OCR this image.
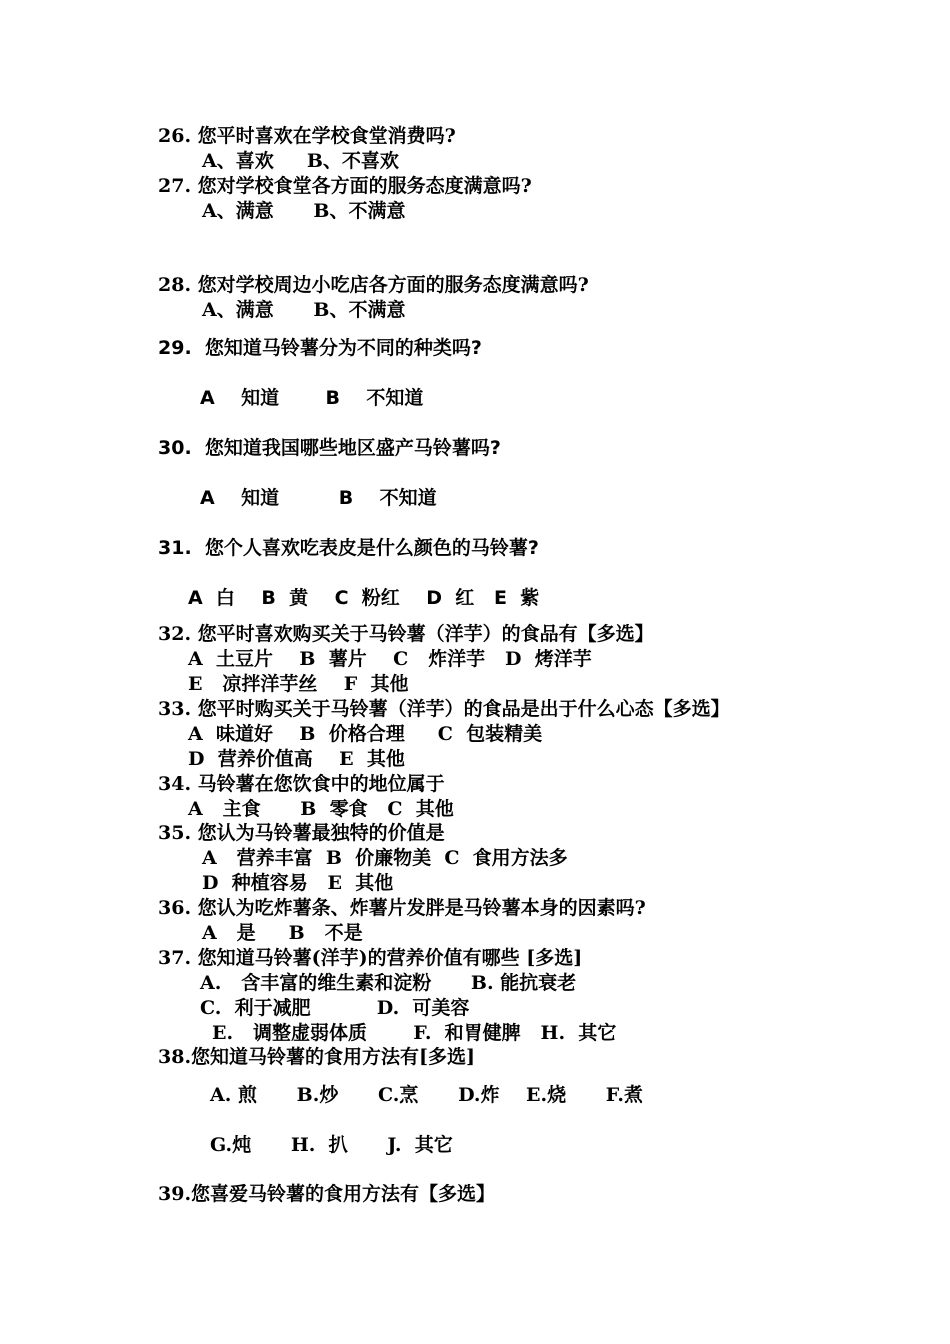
26. 您平时喜欢在学校食堂消费吗?
A、喜欢     B、不喜欢
27. 您对学校食堂各方面的服务态度满意吗?
A、满意      B、不满意
28. 您对学校周边小吃店各方面的服务态度满意吗?
A、满意      B、不满意
29.  您知道马铃薯分为不同的种类吗?
A    知道       B    不知道
30.  您知道我国哪些地区盛产马铃薯吗?
A    知道         B    不知道
31.  您个人喜欢吃表皮是什么颜色的马铃薯?
A  白    B  黄    C  粉红    D  红   E  紫
32. 您平时喜欢购买关于马铃薯（洋芋）的食品有【多选】
A  土豆片    B  薯片    C   炸洋芋   D  烤洋芋
E   凉拌洋芋丝    F  其他
33. 您平时购买关于马铃薯（洋芋）的食品是出于什么心态【多选】
A  味道好    B  价格合理     C  包装精美
D  营养价值高    E  其他
34. 马铃薯在您饮食中的地位属于
A   主食      B  零食   C  其他
35. 您认为马铃薯最独特的价值是
A   营养丰富  B  价廉物美  C  食用方法多
D  种植容易   E  其他
36. 您认为吃炸薯条、炸薯片发胖是马铃薯本身的因素吗?
A   是     B   不是
37. 您知道马铃薯(洋芋)的营养价值有哪些 [多选]
A.   含丰富的维生素和淀粉      B. 能抗衰老
C.  利于减肥          D.  可美容
E.   调整虚弱体质       F.  和胃健脾   H.  其它
38.您知道马铃薯的食用方法有[多选]
A. 煎      B.炒      C.烹      D.炸    E.烧      F.煮
G.炖      H.  扒      J.  其它
39.您喜爱马铃薯的食用方法有【多选】
